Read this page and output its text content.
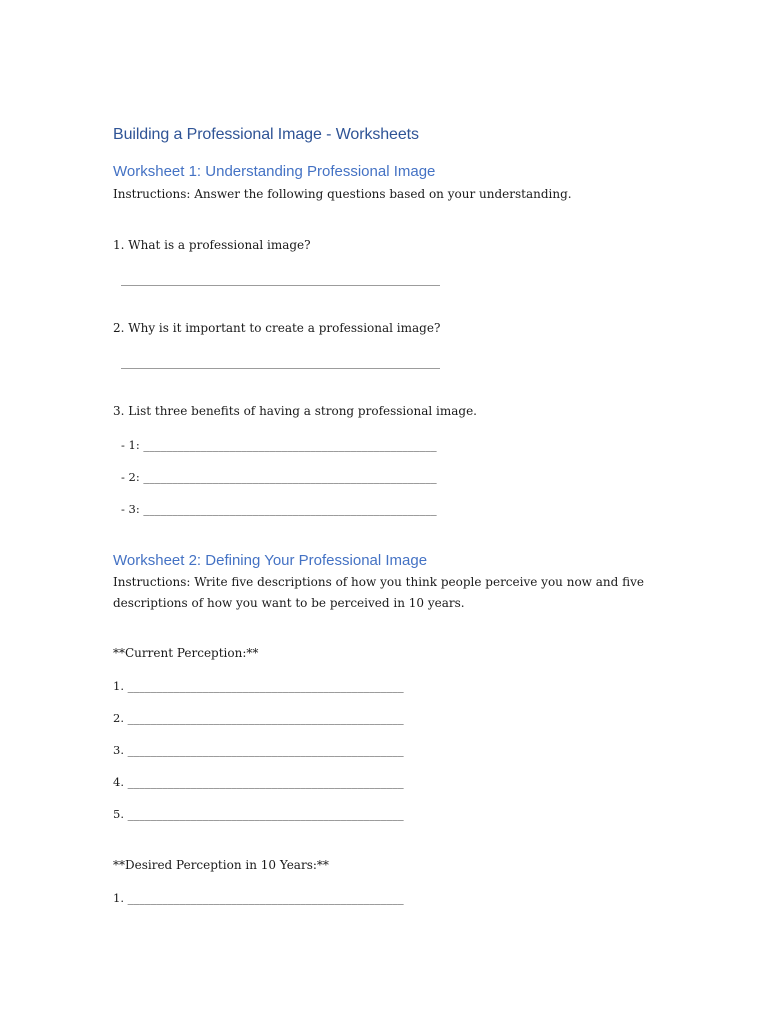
Building a Professional Image - Worksheets
Worksheet 1: Understanding Professional Image
Instructions: Answer the following questions based on your understanding.
1. What is a professional image?
__________________________________________________________
2. Why is it important to create a professional image?
__________________________________________________________
3. List three benefits of having a strong professional image.
- 1: ___________________________________________________
- 2: ___________________________________________________
- 3: ___________________________________________________
Worksheet 2: Defining Your Professional Image
Instructions: Write five descriptions of how you think people perceive you now and five
descriptions of how you want to be perceived in 10 years.
**Current Perception:**
1. ________________________________________________
2. ________________________________________________
3. ________________________________________________
4. ________________________________________________
5. ________________________________________________
**Desired Perception in 10 Years:**
1. ________________________________________________
